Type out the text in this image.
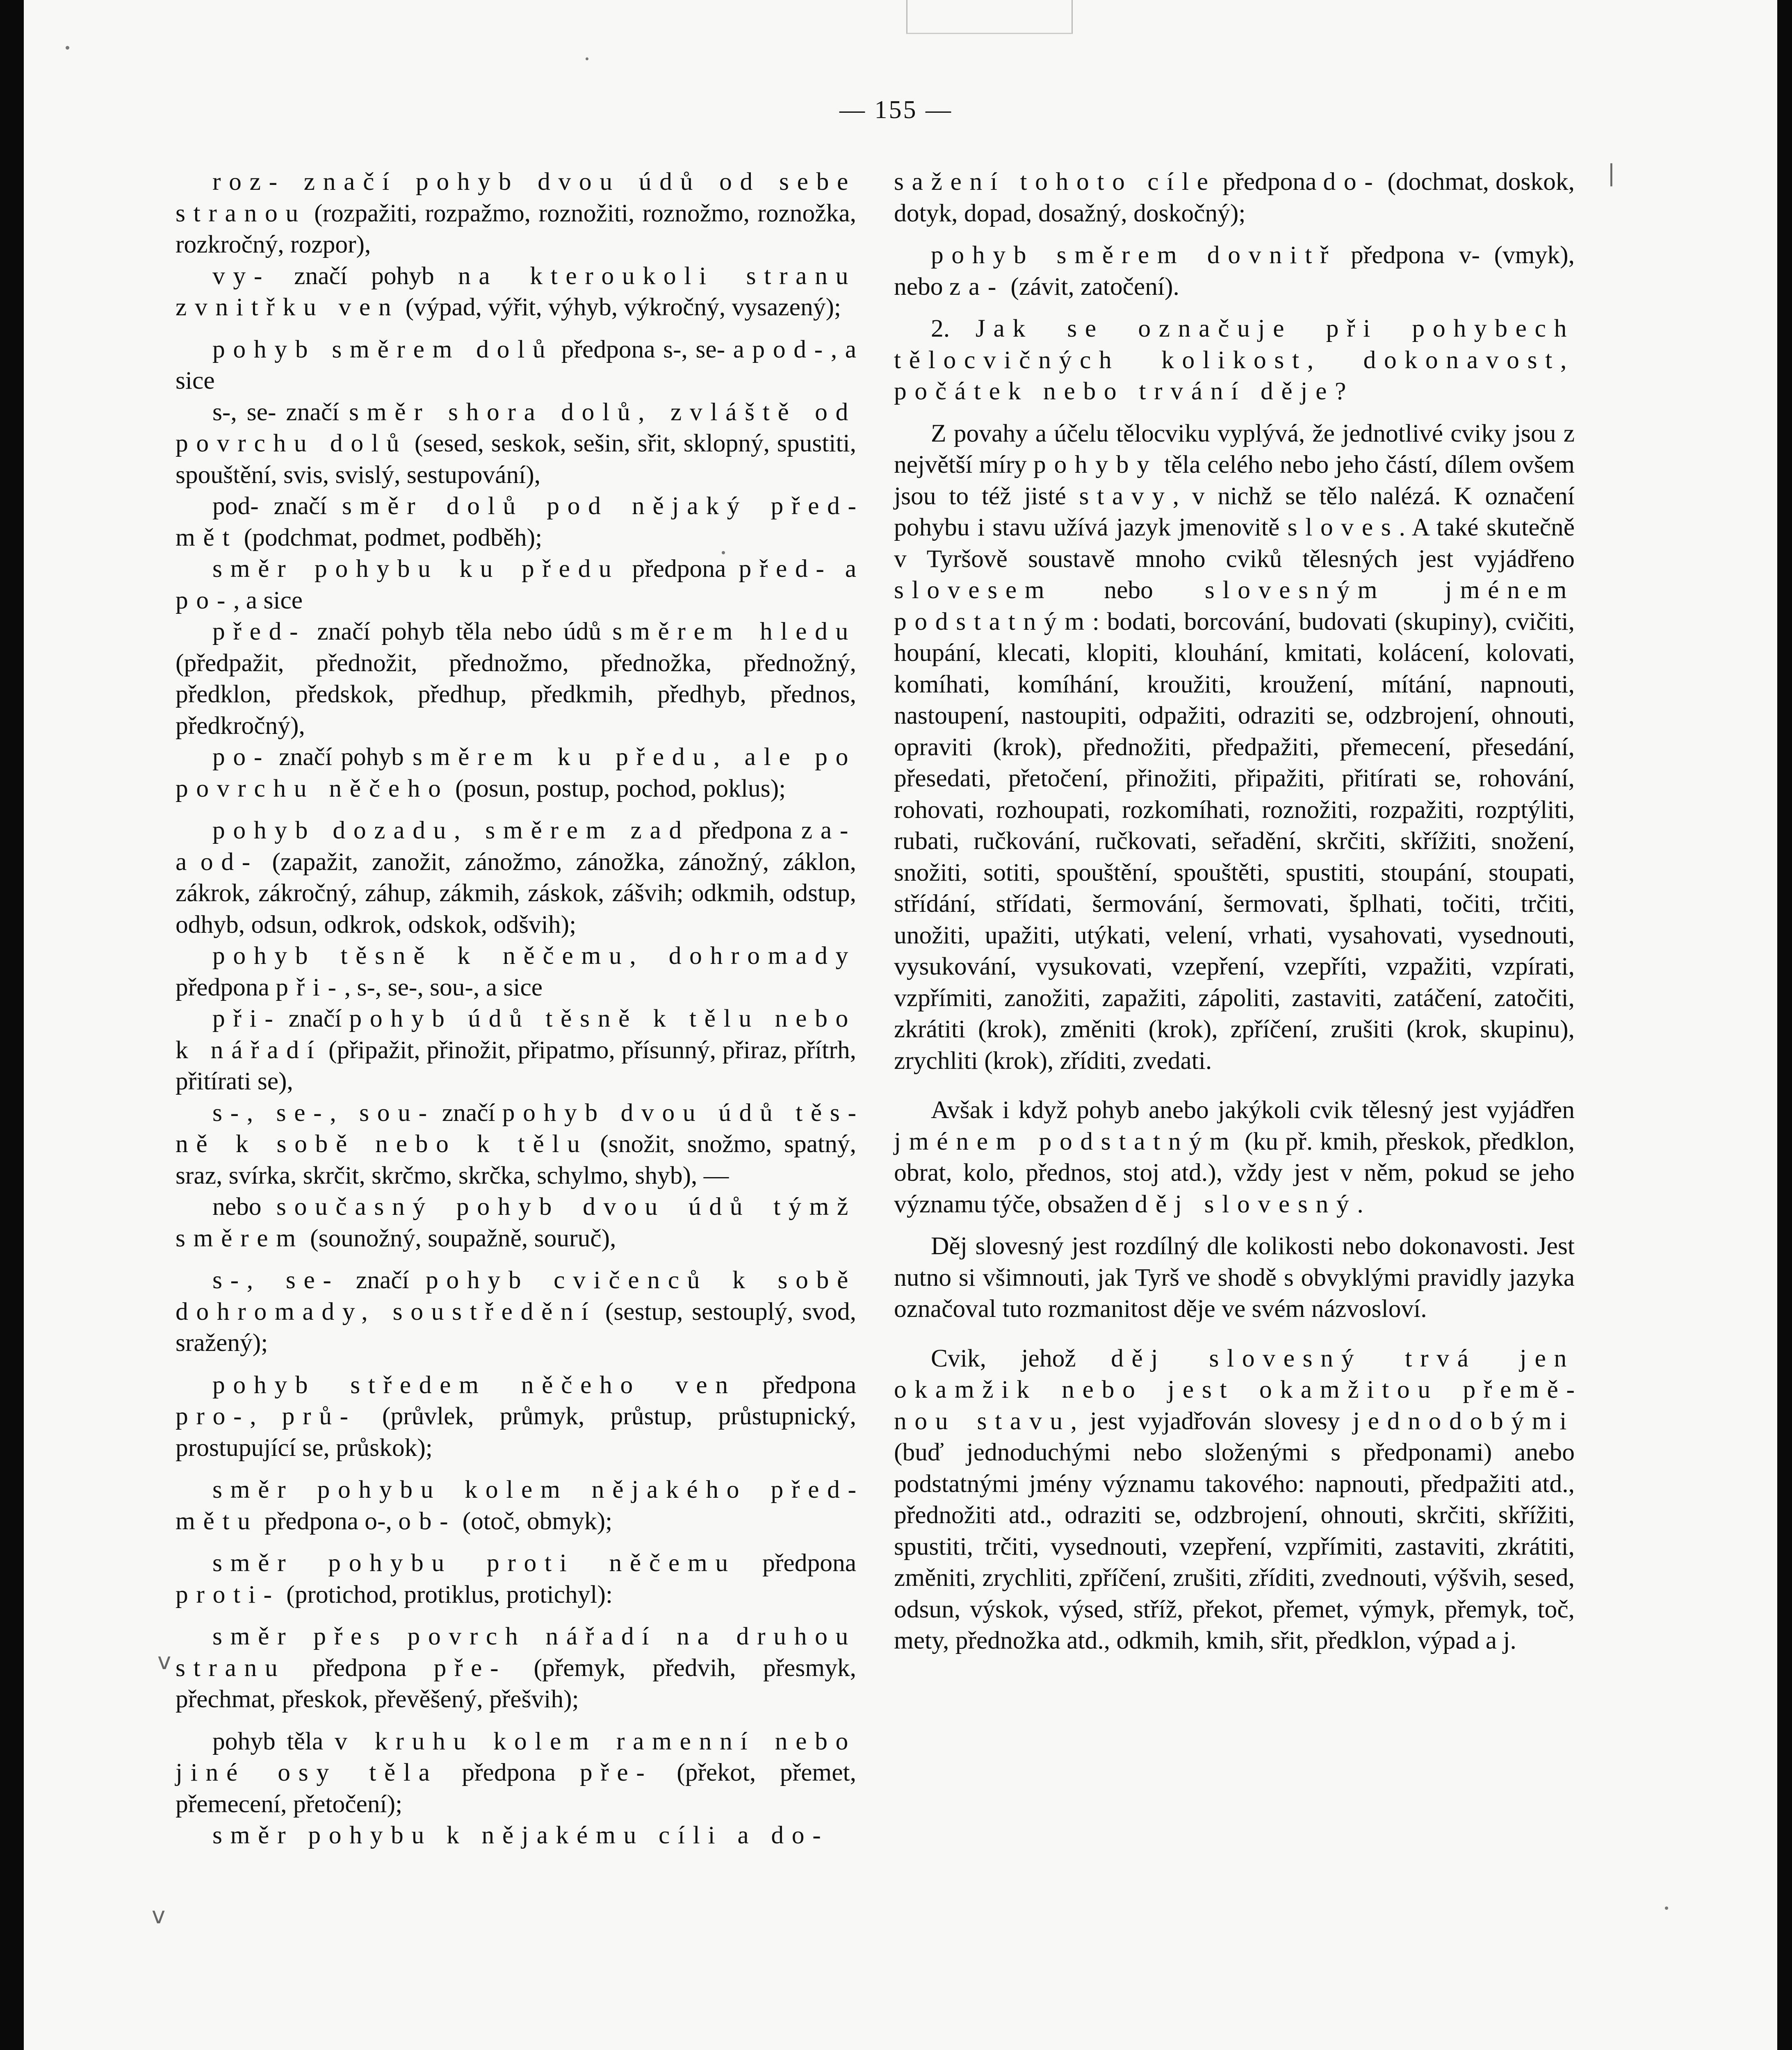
ⅴ
ⅴ
|
— 155 —

roz- značí pohyb dvou údů od sebe stranou (rozpažiti, rozpažmo, roznožiti, roznožmo, roznožka, rozkročný, rozpor),

vy- značí pohyb na kteroukoli stranu zvnitřku ven (výpad, výřit, výhyb, výkročný, vysazený);

pohyb směrem dolů předpona s-, se- a pod-, a sice

s-, se- značí směr shora dolů, zvláště od povrchu dolů (sesed, seskok, sešin, sřit, sklopný, spustiti, spouštění, svis, svislý, sestupování),

pod- značí směr dolů pod nějaký předmět (podchmat, podmet, podběh);

směr pohybu ku předu předpona před- a po-, a sice

před- značí pohyb těla nebo údů směrem hledu (předpažit, přednožit, přednožmo, přednožka, přednožný, předklon, předskok, předhup, předkmih, předhyb, přednos, předkročný),

po- značí pohyb směrem ku předu, ale po povrchu něčeho (posun, postup, pochod, poklus);

pohyb dozadu, směrem zad předpona za- a od- (zapažit, zanožit, zánožmo, zánožka, zánožný, záklon, zákrok, zákročný, záhup, zákmih, záskok, zášvih; odkmih, odstup, odhyb, odsun, odkrok, odskok, odšvih);

pohyb těsně k něčemu, dohromady předpona při-, s-, se-, sou-, a sice

při- značí pohyb údů těsně k tělu nebo k nářadí (připažit, přinožit, připatmo, přísunný, přiraz, přítrh, přitírati se),

s-, se-, sou- značí pohyb dvou údů těsně k sobě nebo k tělu (snožit, snožmo, spatný, sraz, svírka, skrčit, skrčmo, skrčka, schylmo, shyb), —

nebo současný pohyb dvou údů týmž směrem (sounožný, soupažně, souruč),

s-, se- značí pohyb cvičenců k sobě dohromady, soustředění (sestup, sestouplý, svod, sražený);

pohyb středem něčeho ven předpona pro-, prů- (průvlek, průmyk, průstup, průstupnický, prostupující se, průskok);

směr pohybu kolem nějakého předmětu předpona o-, ob- (otoč, obmyk);

směr pohybu proti něčemu předpona proti- (protichod, protiklus, protichyl):

směr přes povrch nářadí na druhou stranu předpona pře- (přemyk, předvih, přesmyk, přechmat, přeskok, převěšený, přešvih);

pohyb těla v kruhu kolem ramenní nebo jiné osy těla předpona pře- (překot, přemet, přemecení, přetočení);

směr pohybu k nějakému cíli a do-

sažení tohoto cíle předpona do- (dochmat, doskok, dotyk, dopad, dosažný, doskočný);

pohyb směrem dovnitř předpona v- (vmyk), nebo za- (závit, zatočení).

2. Jak se označuje při pohybech tělocvičných kolikost, dokonavost, počátek nebo trvání děje?

Z povahy a účelu tělocviku vyplývá, že jednotlivé cviky jsou z největší míry pohyby těla celého nebo jeho částí, dílem ovšem jsou to též jisté stavy, v nichž se tělo nalézá. K označení pohybu i stavu užívá jazyk jmenovitě sloves. A také skutečně v Tyršově soustavě mnoho cviků tělesných jest vyjádřeno slovesem nebo slovesným jménem podstatným: bodati, borcování, budovati (skupiny), cvičiti, houpání, klecati, klopiti, klouhání, kmitati, kolácení, kolovati, komíhati, komíhání, kroužiti, kroužení, mítání, napnouti, nastoupení, nastoupiti, odpažiti, odraziti se, odzbrojení, ohnouti, opraviti (krok), přednožiti, předpažiti, přemecení, přesedání, přesedati, přetočení, přinožiti, připažiti, přitírati se, rohování, rohovati, rozhoupati, rozkomíhati, roznožiti, rozpažiti, rozptýliti, rubati, ručkování, ručkovati, seřadění, skrčiti, skřížiti, snožení, snožiti, sotiti, spouštění, spouštěti, spustiti, stoupání, stoupati, střídání, střídati, šermování, šermovati, šplhati, točiti, trčiti, unožiti, upažiti, utýkati, velení, vrhati, vysahovati, vysednouti, vysukování, vysukovati, vzepření, vzepříti, vzpažiti, vzpírati, vzpřímiti, zanožiti, zapažiti, zápoliti, zastaviti, zatáčení, zatočiti, zkrátiti (krok), změniti (krok), zpříčení, zrušiti (krok, skupinu), zrychliti (krok), zříditi, zvedati.

Avšak i když pohyb anebo jakýkoli cvik tělesný jest vyjádřen jménem podstatným (ku př. kmih, přeskok, předklon, obrat, kolo, přednos, stoj atd.), vždy jest v něm, pokud se jeho významu týče, obsažen děj slovesný.

Děj slovesný jest rozdílný dle kolikosti nebo dokonavosti. Jest nutno si všimnouti, jak Tyrš ve shodě s obvyklými pravidly jazyka označoval tuto rozmanitost děje ve svém názvosloví.

Cvik, jehož děj slovesný trvá jen okamžik nebo jest okamžitou přeměnou stavu, jest vyjadřován slovesy jednodobými (buď jednoduchými nebo složenými s předponami) anebo podstatnými jmény významu takového: napnouti, předpažiti atd., přednožiti atd., odraziti se, odzbrojení, ohnouti, skrčiti, skřížiti, spustiti, trčiti, vysednouti, vzepření, vzpřímiti, zastaviti, zkrátiti, změniti, zrychliti, zpříčení, zrušiti, zříditi, zvednouti, výšvih, sesed, odsun, výskok, výsed, stříž, překot, přemet, výmyk, přemyk, toč, mety, přednožka atd., odkmih, kmih, sřit, předklon, výpad a j.
